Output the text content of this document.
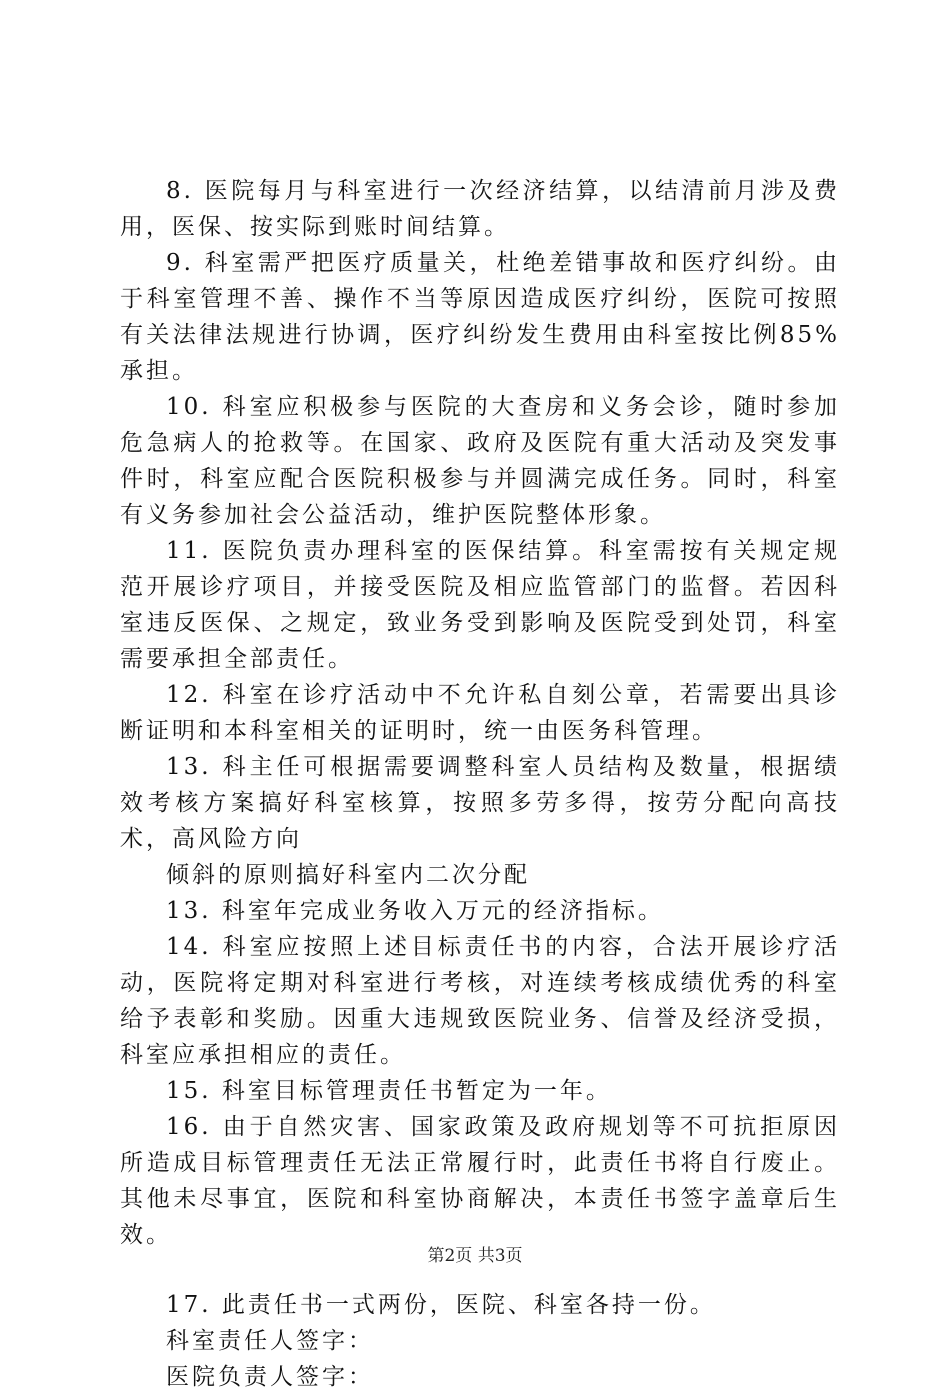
8. 医院每月与科室进行一次经济结算，以结清前月涉及费用，医保、按实际到账时间结算。

9. 科室需严把医疗质量关，杜绝差错事故和医疗纠纷。由于科室管理不善、操作不当等原因造成医疗纠纷，医院可按照有关法律法规进行协调，医疗纠纷发生费用由科室按比例85%承担。

10. 科室应积极参与医院的大查房和义务会诊，随时参加危急病人的抢救等。在国家、政府及医院有重大活动及突发事件时，科室应配合医院积极参与并圆满完成任务。同时，科室有义务参加社会公益活动，维护医院整体形象。

11. 医院负责办理科室的医保结算。科室需按有关规定规范开展诊疗项目，并接受医院及相应监管部门的监督。若因科室违反医保、之规定，致业务受到影响及医院受到处罚，科室需要承担全部责任。

12. 科室在诊疗活动中不允许私自刻公章，若需要出具诊断证明和本科室相关的证明时，统一由医务科管理。

13. 科主任可根据需要调整科室人员结构及数量，根据绩效考核方案搞好科室核算，按照多劳多得，按劳分配向高技术，高风险方向

倾斜的原则搞好科室内二次分配

13. 科室年完成业务收入万元的经济指标。

14. 科室应按照上述目标责任书的内容，合法开展诊疗活动，医院将定期对科室进行考核，对连续考核成绩优秀的科室给予表彰和奖励。因重大违规致医院业务、信誉及经济受损，科室应承担相应的责任。

15. 科室目标管理责任书暂定为一年。

16. 由于自然灾害、国家政策及政府规划等不可抗拒原因所造成目标管理责任无法正常履行时，此责任书将自行废止。其他未尽事宜，医院和科室协商解决，本责任书签字盖章后生效。

17. 此责任书一式两份，医院、科室各持一份。

科室责任人签字：

医院负责人签字：

第2页 共3页
